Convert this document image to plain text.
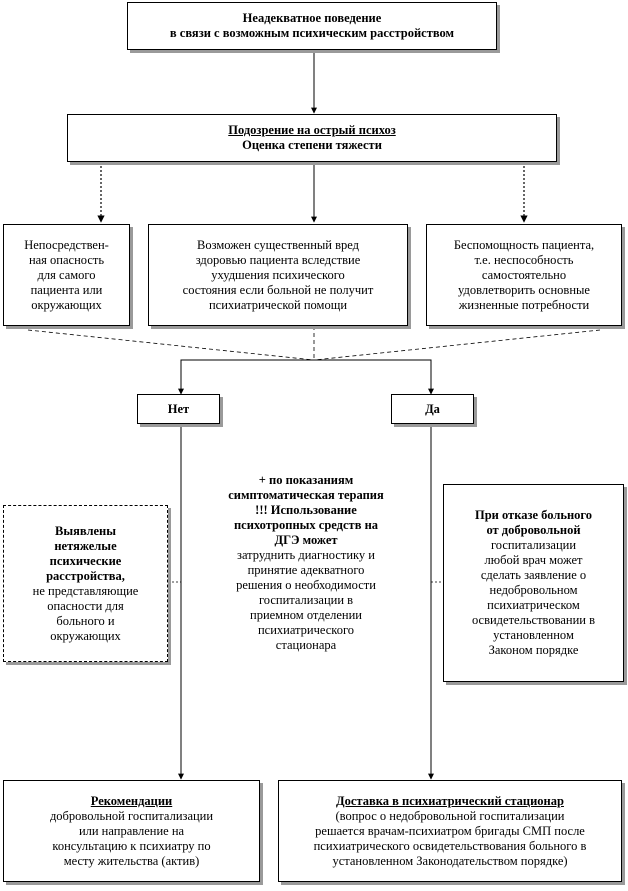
Неадекватное поведение
в связи с возможным психическим расстройством
Подозрение на острый психоз
Оценка степени тяжести
Непосредствен-
ная опасность
для самого
пациента или
окружающих
Возможен существенный вред
здоровью пациента вследствие
ухудшения психического
состояния если больной не получит
психиатрической помощи
Беспомощность пациента,
т.е. неспособность
самостоятельно
удовлетворить основные
жизненные потребности
Нет	Да
+ по показаниям
симптоматическая терапия
!!! Использование
психотропных средств на
ДГЭ может
затруднить диагностику и
принятие адекватного
решения о необходимости
госпитализации в
приемном отделении
психиатрического
стационара
Выявлены
нетяжелые
психические
расстройства,
не представляющие
опасности для
больного и
окружающих
При отказе больного
от добровольной
госпитализации
любой врач может
сделать заявление о
недобровольном
психиатрическом
освидетельствовании в
установленном
Законом порядке
Рекомендации
добровольной госпитализации
или направление на
консультацию к психиатру по
месту жительства (актив)
Доставка в психиатрический стационар
(вопрос о недобровольной госпитализации
решается врачам-психиатром бригады СМП после
психиатрического освидетельствования больного в
установленном Законодательством порядке)
